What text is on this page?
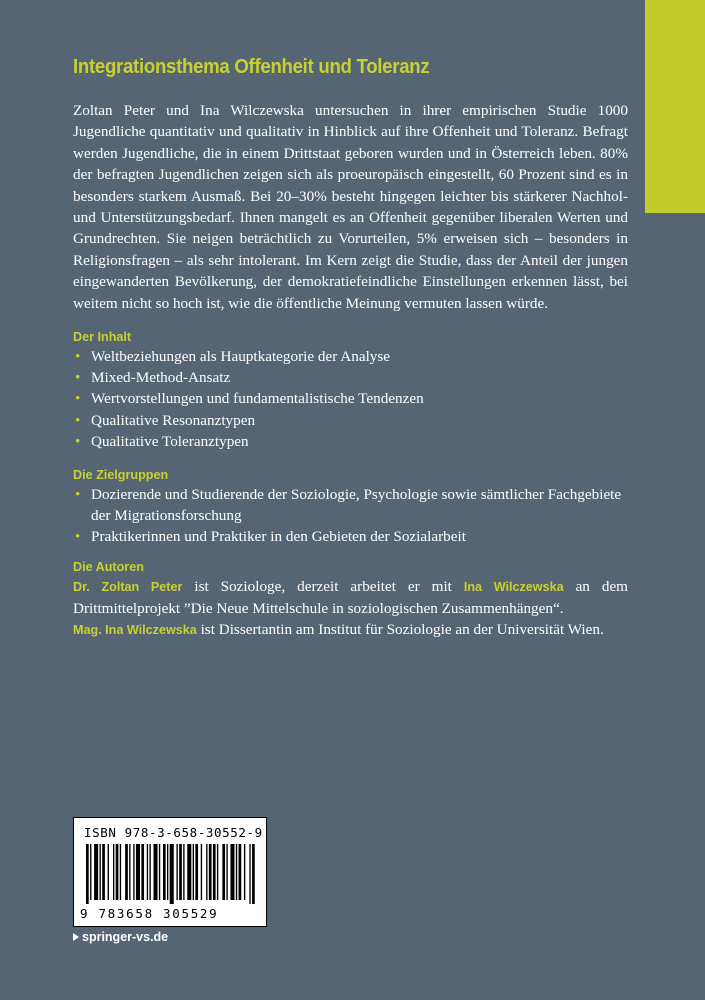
Integrationsthema Offenheit und Toleranz

Zoltan Peter und Ina Wilczewska untersuchen in ihrer empirischen Studie 1000 Jugendliche quantitativ und qualitativ in Hinblick auf ihre Offenheit und Toleranz. Befragt werden Jugendliche, die in einem Drittstaat geboren wurden und in Österreich leben. 80% der befragten Jugendlichen zeigen sich als proeuropäisch eingestellt, 60 Prozent sind es in besonders starkem Ausmaß. Bei 20–30% besteht hingegen leichter bis stärkerer Nachhol- und Unterstützungsbedarf. Ihnen mangelt es an Offenheit gegenüber liberalen Werten und Grundrechten. Sie neigen beträchtlich zu Vorurteilen, 5% erweisen sich – besonders in Religionsfragen – als sehr intolerant. Im Kern zeigt die Studie, dass der Anteil der jungen eingewanderten Bevölkerung, der demokratiefeindliche Einstellungen erkennen lässt, bei weitem nicht so hoch ist, wie die öffentliche Meinung vermuten lassen würde.

Der Inhalt
• Weltbeziehungen als Hauptkategorie der Analyse
• Mixed-Method-Ansatz
• Wertvorstellungen und fundamentalistische Tendenzen
• Qualitative Resonanztypen
• Qualitative Toleranztypen
Die Zielgruppen
• Dozierende und Studierende der Soziologie, Psychologie sowie sämtlicher Fachgebiete der Migrationsforschung
• Praktikerinnen und Praktiker in den Gebieten der Sozialarbeit
Die Autoren

Dr. Zoltan Peter ist Soziologe, derzeit arbeitet er mit Ina Wilczewska an dem Drittmittelprojekt ”Die Neue Mittelschule in soziologischen Zusammenhängen“.

Mag. Ina Wilczewska ist Dissertantin am Institut für Soziologie an der Universität Wien.

ISBN 978-3-658-30552-9
9 783658 305529
springer-vs.de
